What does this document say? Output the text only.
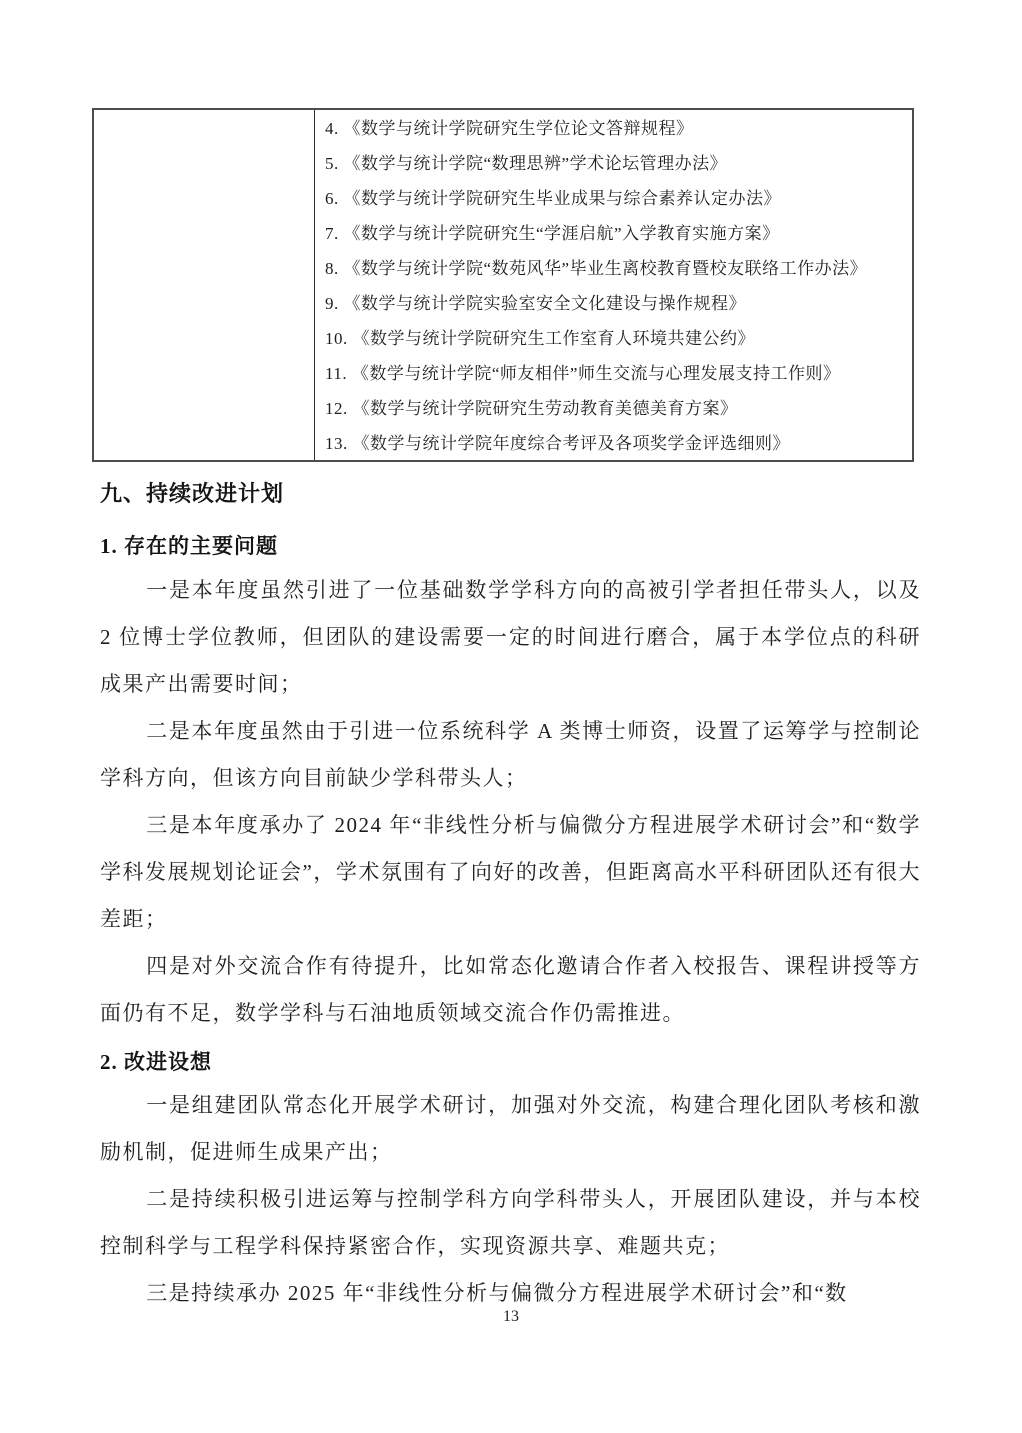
4. 《数学与统计学院研究生学位论文答辩规程》
5. 《数学与统计学院“数理思辨”学术论坛管理办法》
6. 《数学与统计学院研究生毕业成果与综合素养认定办法》
7. 《数学与统计学院研究生“学涯启航”入学教育实施方案》
8. 《数学与统计学院“数苑风华”毕业生离校教育暨校友联络工作办法》
9. 《数学与统计学院实验室安全文化建设与操作规程》
10. 《数学与统计学院研究生工作室育人环境共建公约》
11. 《数学与统计学院“师友相伴”师生交流与心理发展支持工作则》
12. 《数学与统计学院研究生劳动教育美德美育方案》
13. 《数学与统计学院年度综合考评及各项奖学金评选细则》
九、持续改进计划
1. 存在的主要问题

一是本年度虽然引进了一位基础数学学科方向的高被引学者担任带头人，以及 2 位博士学位教师，但团队的建设需要一定的时间进行磨合，属于本学位点的科研成果产出需要时间；

二是本年度虽然由于引进一位系统科学 A 类博士师资，设置了运筹学与控制论学科方向，但该方向目前缺少学科带头人；

三是本年度承办了 2024 年“非线性分析与偏微分方程进展学术研讨会”和“数学学科发展规划论证会”，学术氛围有了向好的改善，但距离高水平科研团队还有很大差距；

四是对外交流合作有待提升，比如常态化邀请合作者入校报告、课程讲授等方面仍有不足，数学学科与石油地质领域交流合作仍需推进。

2. 改进设想

一是组建团队常态化开展学术研讨，加强对外交流，构建合理化团队考核和激励机制，促进师生成果产出；

二是持续积极引进运筹与控制学科方向学科带头人，开展团队建设，并与本校控制科学与工程学科保持紧密合作，实现资源共享、难题共克；

三是持续承办 2025 年“非线性分析与偏微分方程进展学术研讨会”和“数

13
